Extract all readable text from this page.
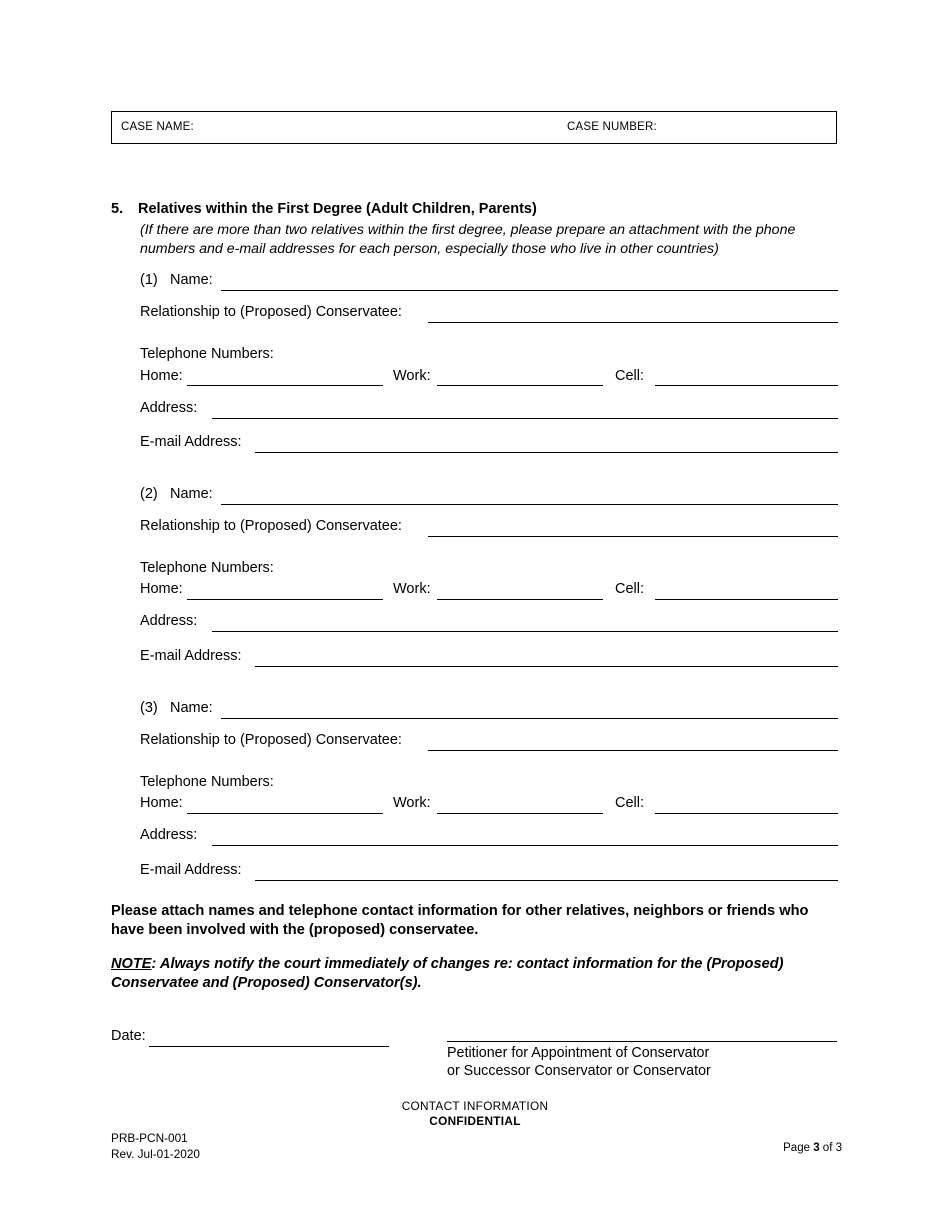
CASE NAME:	CASE NUMBER:
5. Relatives within the First Degree (Adult Children, Parents)
(If there are more than two relatives within the first degree, please prepare an attachment with the phone numbers and e-mail addresses for each person, especially those who live in other countries)
(1) Name:
Relationship to (Proposed) Conservatee:
Telephone Numbers:
Home:	Work:	Cell:
Address:
E-mail Address:
(2) Name:
Relationship to (Proposed) Conservatee:
Telephone Numbers:
Home:	Work:	Cell:
Address:
E-mail Address:
(3) Name:
Relationship to (Proposed) Conservatee:
Telephone Numbers:
Home:	Work:	Cell:
Address:
E-mail Address:
Please attach names and telephone contact information for other relatives, neighbors or friends who have been involved with the (proposed) conservatee.
NOTE: Always notify the court immediately of changes re: contact information for the (Proposed) Conservatee and (Proposed) Conservator(s).
Date:
Petitioner for Appointment of Conservator
or Successor Conservator or Conservator
CONTACT INFORMATION
CONFIDENTIAL
PRB-PCN-001
Rev. Jul-01-2020	Page 3 of 3
